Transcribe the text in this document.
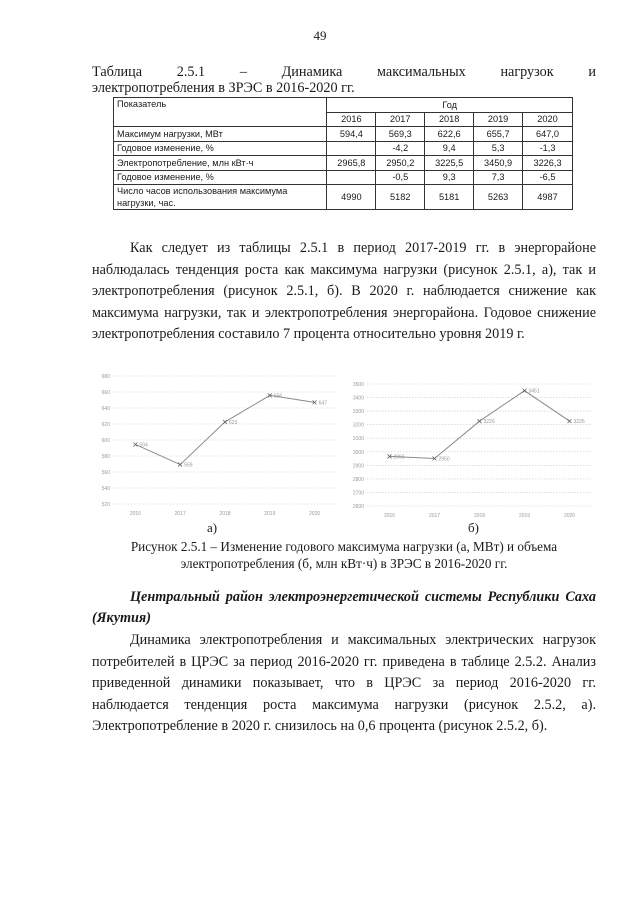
49
Таблица 2.5.1 – Динамика максимальных нагрузок и
электропотребления в ЗРЭС в 2016-2020 гг.
Показатель	Год				
	2016	2017	2018	2019	2020
Максимум нагрузки, МВт	594,4	569,3	622,6	655,7	647,0
Годовое изменение, %		-4,2	9,4	5,3	-1,3
Электропотребление, млн кВт·ч	2965,8	2950,2	3225,5	3450,9	3226,3
Годовое изменение, %		-0,5	9,3	7,3	-6,5
Число часов использования максимума нагрузки, час.	4990	5182	5181	5263	4987
Как следует из таблицы 2.5.1 в период 2017-2019 гг. в энергорайоне наблюдалась тенденция роста как максимума нагрузки (рисунок 2.5.1, а), так и электропотребления (рисунок 2.5.1, б). В 2020 г. наблюдается снижение как максимума нагрузки, так и электропотребления энергорайона. Годовое снижение электропотребления составило 7 процента относительно уровня 2019 г.
520
540
560
580
600
620
640
660
680
2016	2017	2018	2019	2020
594
569
623
656
647
2600
2700
2800
2900
3000
3100
3200
3300
3400
3500
2016	2017	2018	2019	2020
2966	2950
3226
3451
3226
а)	б)
Рисунок 2.5.1 – Изменение годового максимума нагрузки (а, МВт) и объема
электропотребления (б, млн кВт·ч) в ЗРЭС в 2016-2020 гг.
Центральный район электроэнергетической системы Республики Саха (Якутия)
Динамика электропотребления и максимальных электрических нагрузок потребителей в ЦРЭС за период 2016-2020 гг. приведена в таблице 2.5.2. Анализ приведенной динамики показывает, что в ЦРЭС за период 2016-2020 гг. наблюдается тенденция роста максимума нагрузки (рисунок 2.5.2, а). Электропотребление в 2020 г. снизилось на 0,6 процента (рисунок 2.5.2, б).
